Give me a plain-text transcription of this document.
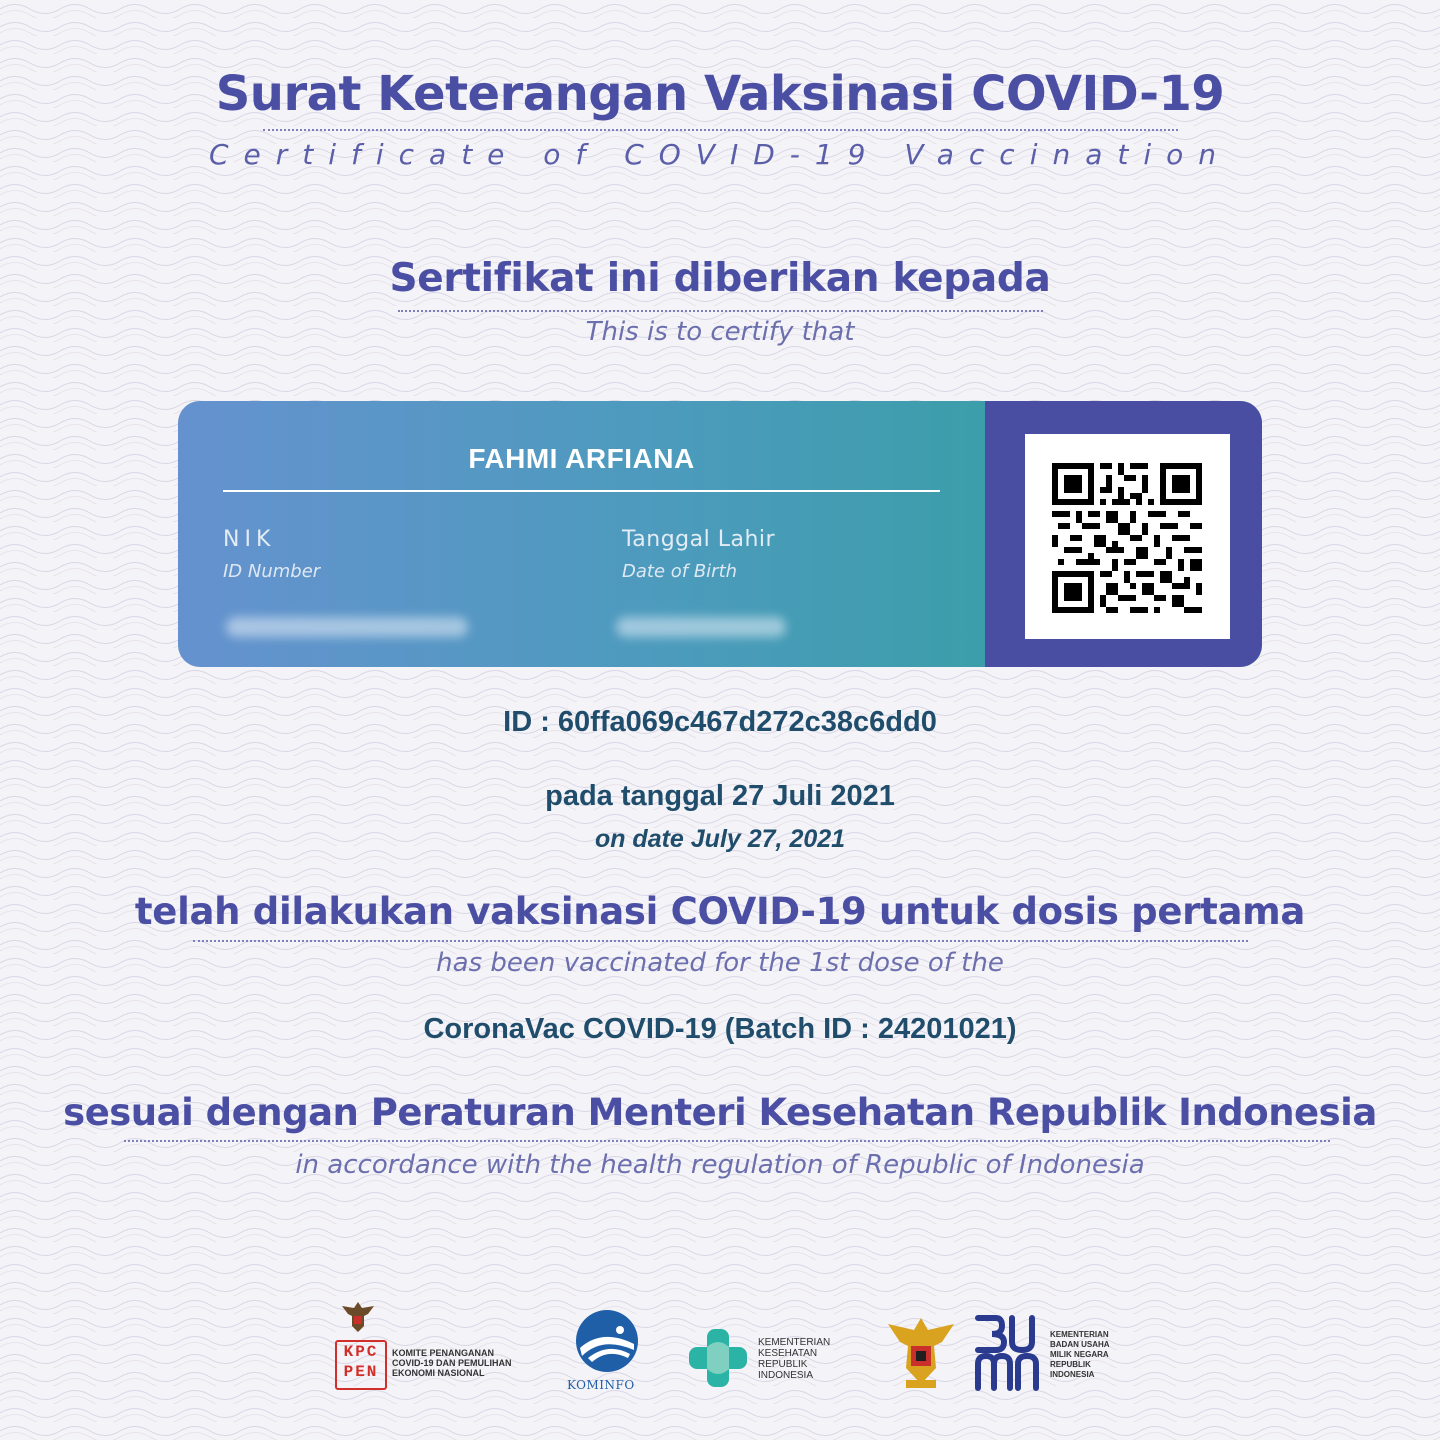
Surat Keterangan Vaksinasi COVID-19
Certificate of COVID-19 Vaccination
Sertifikat ini diberikan kepada
This is to certify that
FAHMI ARFIANA
NIK
ID Number
Tanggal Lahir
Date of Birth
ID : 60ffa069c467d272c38c6dd0
pada tanggal 27 Juli 2021
on date July 27, 2021
telah dilakukan vaksinasi COVID-19 untuk dosis pertama
has been vaccinated for the 1st dose of the
CoronaVac COVID-19 (Batch ID : 24201021)
sesuai dengan Peraturan Menteri Kesehatan Republik Indonesia
in accordance with the health regulation of Republic of Indonesia
KPC
PEN
KOMITE PENANGANAN
COVID-19 DAN PEMULIHAN
EKONOMI NASIONAL
KOMINFO
KEMENTERIAN
KESEHATAN
REPUBLIK
INDONESIA
KEMENTERIAN
BADAN USAHA
MILIK NEGARA
REPUBLIK
INDONESIA
